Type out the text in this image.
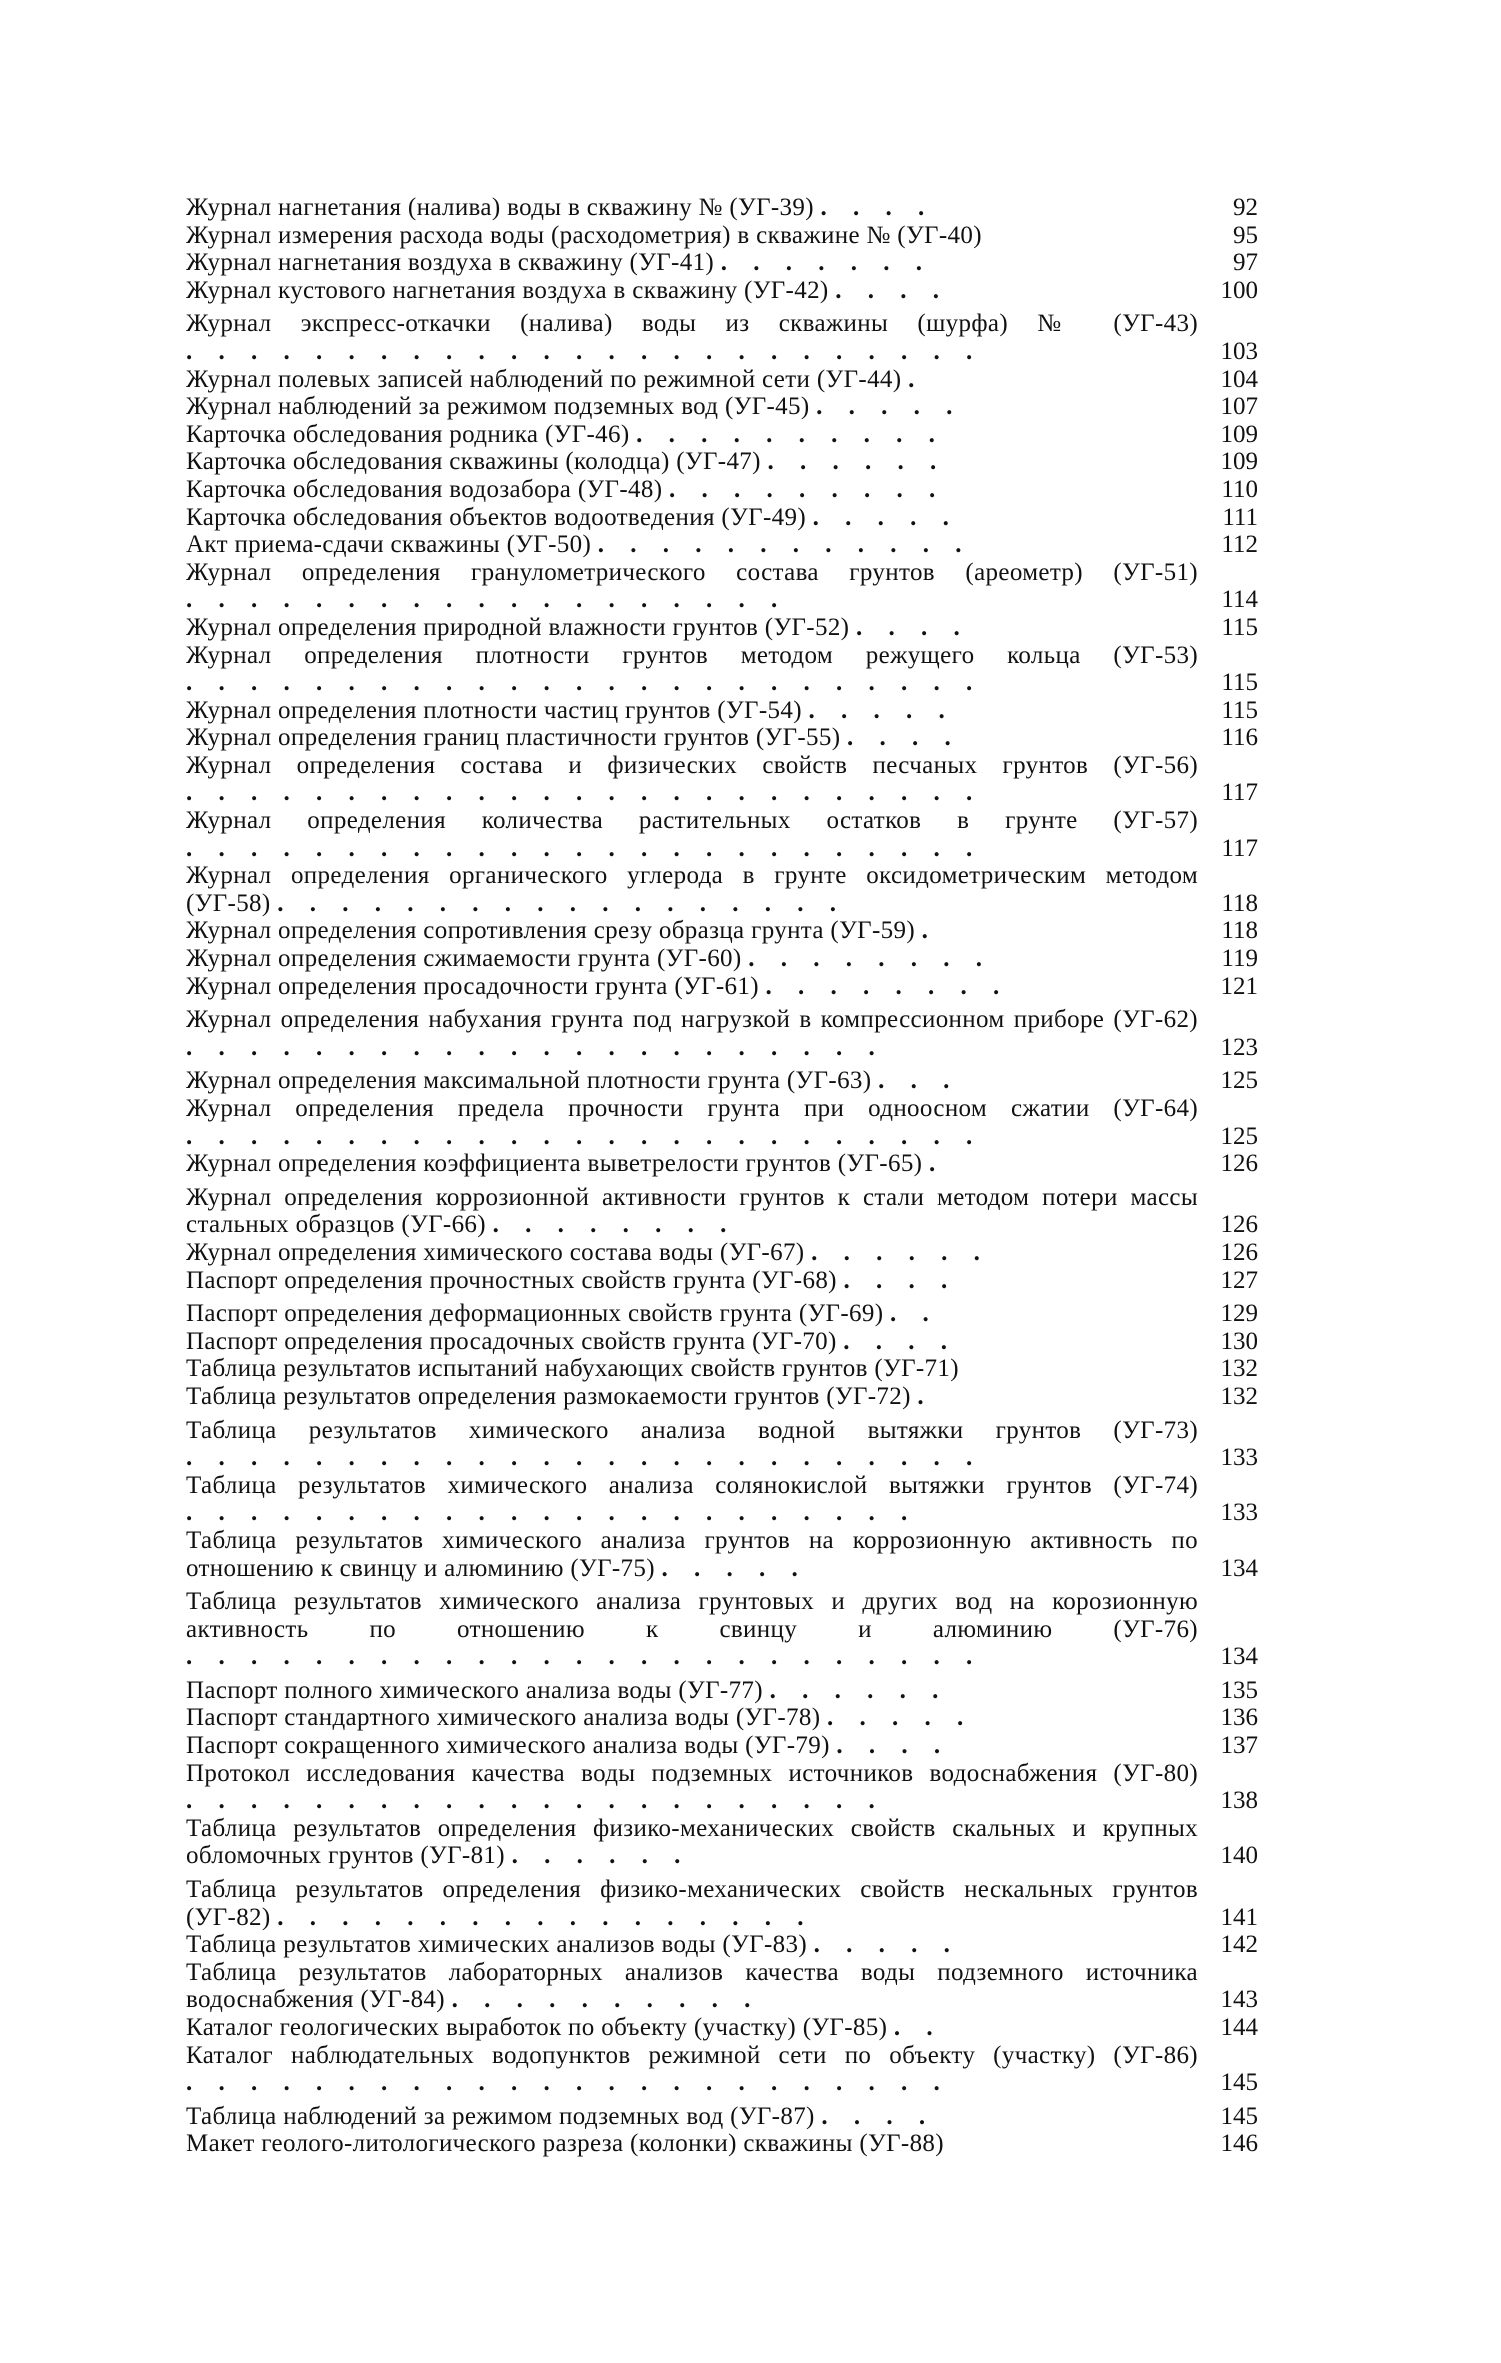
Журнал нагнетания (налива) воды в скважину № (УГ-39) . . . .	92
Журнал измерения расхода воды (расходометрия) в скважине № (УГ-40)	95
Журнал нагнетания воздуха в скважину (УГ-41) . . . . . . .	97
Журнал кустового нагнетания воздуха в скважину (УГ-42) . . . .	100
Журнал экспресс-откачки (налива) воды из скважины (шурфа) № (УГ-43) . . . . . . . . . . . . . . . . . . . . . . . . .	103
Журнал полевых записей наблюдений по режимной сети (УГ-44) .	104
Журнал наблюдений за режимом подземных вод (УГ-45) . . . . .	107
Карточка обследования родника (УГ-46) . . . . . . . . . .	109
Карточка обследования скважины (колодца) (УГ-47) . . . . . .	109
Карточка обследования водозабора (УГ-48) . . . . . . . . .	110
Карточка обследования объектов водоотведения (УГ-49) . . . . .	111
Акт приема-сдачи скважины (УГ-50) . . . . . . . . . . . .	112
Журнал определения гранулометрического состава грунтов (ареометр) (УГ-51) . . . . . . . . . . . . . . . . . . .	114
Журнал определения природной влажности грунтов (УГ-52) . . . .	115
Журнал определения плотности грунтов методом режущего кольца (УГ-53) . . . . . . . . . . . . . . . . . . . . . . . . .	115
Журнал определения плотности частиц грунтов (УГ-54) . . . . .	115
Журнал определения границ пластичности грунтов (УГ-55) . . . .	116
Журнал определения состава и физических свойств песчаных грунтов (УГ-56) . . . . . . . . . . . . . . . . . . . . . . . . .	117
Журнал определения количества растительных остатков в грунте (УГ-57) . . . . . . . . . . . . . . . . . . . . . . . . .	117
Журнал определения органического углерода в грунте оксидометрическим методом (УГ-58) . . . . . . . . . . . . . . . . . .	118
Журнал определения сопротивления срезу образца грунта (УГ-59) .	118
Журнал определения сжимаемости грунта (УГ-60) . . . . . . . .	119
Журнал определения просадочности грунта (УГ-61) . . . . . . . .	121
Журнал определения набухания грунта под нагрузкой в компрессионном приборе (УГ-62) . . . . . . . . . . . . . . . . . . . . . .	123
Журнал определения максимальной плотности грунта (УГ-63) . . .	125
Журнал определения предела прочности грунта при одноосном сжатии (УГ-64) . . . . . . . . . . . . . . . . . . . . . . . . .	125
Журнал определения коэффициента выветрелости грунтов (УГ-65) .	126
Журнал определения коррозионной активности грунтов к стали методом потери массы стальных образцов (УГ-66) . . . . . . . .	126
Журнал определения химического состава воды (УГ-67) . . . . . .	126
Паспорт определения прочностных свойств грунта (УГ-68) . . . .	127
Паспорт определения деформационных свойств грунта (УГ-69) . .	129
Паспорт определения просадочных свойств грунта (УГ-70) . . . .	130
Таблица результатов испытаний набухающих свойств грунтов (УГ-71)	132
Таблица результатов определения размокаемости грунтов (УГ-72) .	132
Таблица результатов химического анализа водной вытяжки грунтов (УГ-73) . . . . . . . . . . . . . . . . . . . . . . . . .	133
Таблица результатов химического анализа солянокислой вытяжки грунтов (УГ-74) . . . . . . . . . . . . . . . . . . . . . . .	133
Таблица результатов химического анализа грунтов на коррозионную активность по отношению к свинцу и алюминию (УГ-75) . . . . .	134
Таблица результатов химического анализа грунтовых и других вод на корозионную активность по отношению к свинцу и алюминию (УГ-76) . . . . . . . . . . . . . . . . . . . . . . . . .	134
Паспорт полного химического анализа воды (УГ-77) . . . . . .	135
Паспорт стандартного химического анализа воды (УГ-78) . . . . .	136
Паспорт сокращенного химического анализа воды (УГ-79) . . . .	137
Протокол исследования качества воды подземных источников водоснабжения (УГ-80) . . . . . . . . . . . . . . . . . . . . . .	138
Таблица результатов определения физико-механических свойств скальных и крупных обломочных грунтов (УГ-81) . . . . . .	140
Таблица результатов определения физико-механических свойств нескальных грунтов (УГ-82) . . . . . . . . . . . . . . . . .	141
Таблица результатов химических анализов воды (УГ-83) . . . . .	142
Таблица результатов лабораторных анализов качества воды подземного источника водоснабжения (УГ-84) . . . . . . . . . .	143
Каталог геологических выработок по объекту (участку) (УГ-85) . .	144
Каталог наблюдательных водопунктов режимной сети по объекту (участку) (УГ-86) . . . . . . . . . . . . . . . . . . . . . . . .	145
Таблица наблюдений за режимом подземных вод (УГ-87) . . . .	145
Макет геолого-литологического разреза (колонки) скважины (УГ-88)	146
